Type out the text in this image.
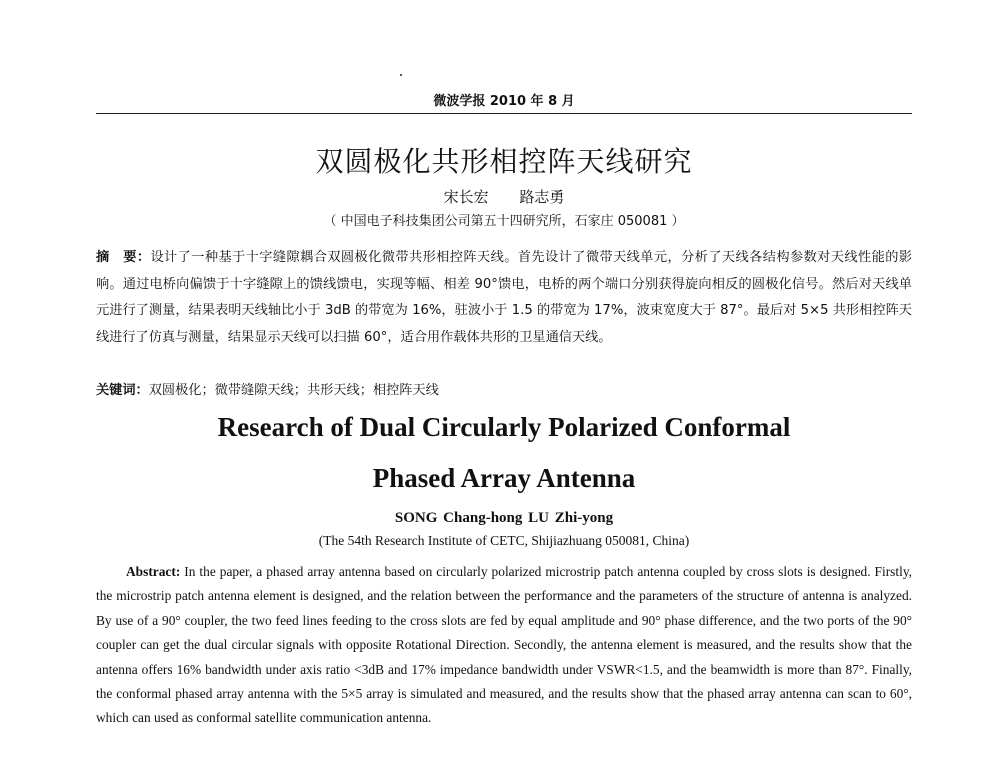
微波学报 2010 年 8 月
双圆极化共形相控阵天线研究
宋长宏 路志勇
（ 中国电子科技集团公司第五十四研究所，石家庄 050081 ）
摘　要：设计了一种基于十字缝隙耦合双圆极化微带共形相控阵天线。首先设计了微带天线单元，分析了天线各结构参数对天线性能的影响。通过电桥向偏馈于十字缝隙上的馈线馈电，实现等幅、相差 90°馈电，电桥的两个端口分别获得旋向相反的圆极化信号。然后对天线单元进行了测量，结果表明天线轴比小于 3dB 的带宽为 16%，驻波小于 1.5 的带宽为 17%，波束宽度大于 87°。最后对 5×5 共形相控阵天线进行了仿真与测量，结果显示天线可以扫描 60°，适合用作载体共形的卫星通信天线。
关键词：双圆极化；微带缝隙天线；共形天线；相控阵天线
Research of Dual Circularly Polarized Conformal
Phased Array Antenna
SONG Chang-hong LU Zhi-yong
(The 54th Research Institute of CETC, Shijiazhuang 050081, China)
Abstract: In the paper, a phased array antenna based on circularly polarized microstrip patch antenna coupled by cross slots is designed. Firstly, the microstrip patch antenna element is designed, and the relation between the performance and the parameters of the structure of antenna is analyzed. By use of a 90° coupler, the two feed lines feeding to the cross slots are fed by equal amplitude and 90° phase difference, and the two ports of the 90° coupler can get the dual circular signals with opposite Rotational Direction. Secondly, the antenna element is measured, and the results show that the antenna offers 16% bandwidth under axis ratio <3dB and 17% impedance bandwidth under VSWR<1.5, and the beamwidth is more than 87°. Finally, the conformal phased array antenna with the 5×5 array is simulated and measured, and the results show that the phased array antenna can scan to 60°, which can used as conformal satellite communication antenna.
